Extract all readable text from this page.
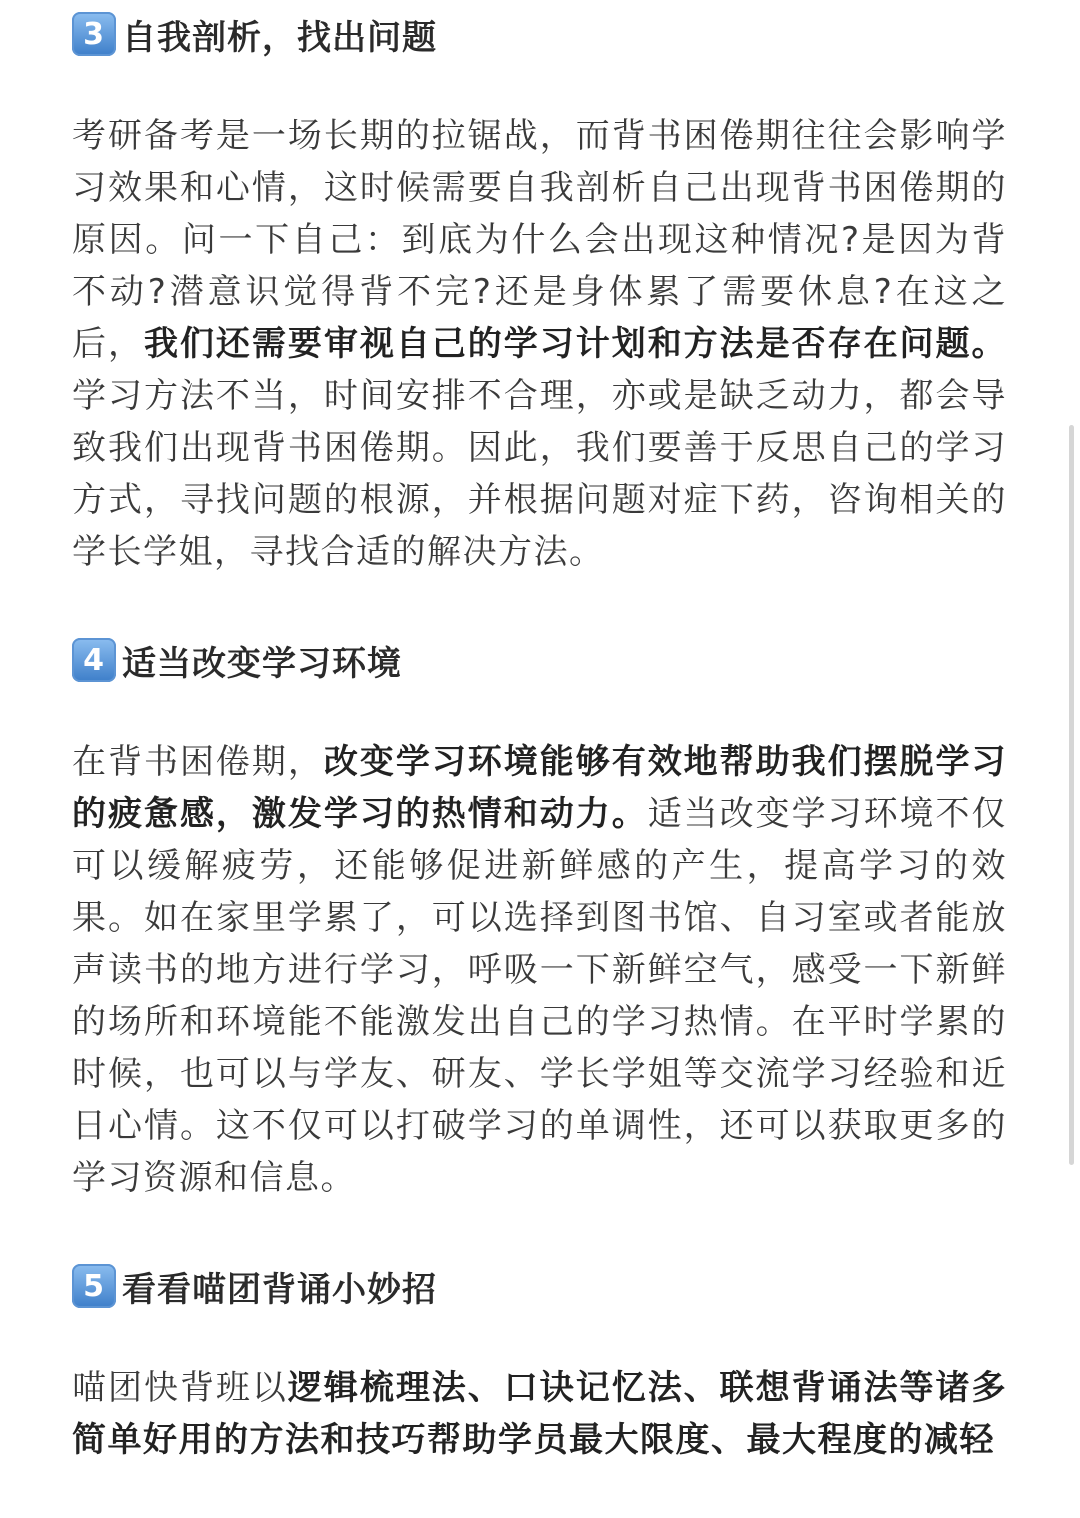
3 自我剖析，找出问题

考研备考是一场长期的拉锯战，而背书困倦期往往会影响学习效果和心情，这时候需要自我剖析自己出现背书困倦期的原因。问一下自己：到底为什么会出现这种情况?是因为背不动?潜意识觉得背不完?还是身体累了需要休息?在这之后，我们还需要审视自己的学习计划和方法是否存在问题。学习方法不当，时间安排不合理，亦或是缺乏动力，都会导致我们出现背书困倦期。因此，我们要善于反思自己的学习方式，寻找问题的根源，并根据问题对症下药，咨询相关的学长学姐，寻找合适的解决方法。

4 适当改变学习环境

在背书困倦期，改变学习环境能够有效地帮助我们摆脱学习的疲惫感，激发学习的热情和动力。适当改变学习环境不仅可以缓解疲劳，还能够促进新鲜感的产生，提高学习的效果。如在家里学累了，可以选择到图书馆、自习室或者能放声读书的地方进行学习，呼吸一下新鲜空气，感受一下新鲜的场所和环境能不能激发出自己的学习热情。在平时学累的时候，也可以与学友、研友、学长学姐等交流学习经验和近日心情。这不仅可以打破学习的单调性，还可以获取更多的学习资源和信息。

5 看看喵团背诵小妙招

喵团快背班以逻辑梳理法、口诀记忆法、联想背诵法等诸多简单好用的方法和技巧帮助学员最大限度、最大程度的减轻
